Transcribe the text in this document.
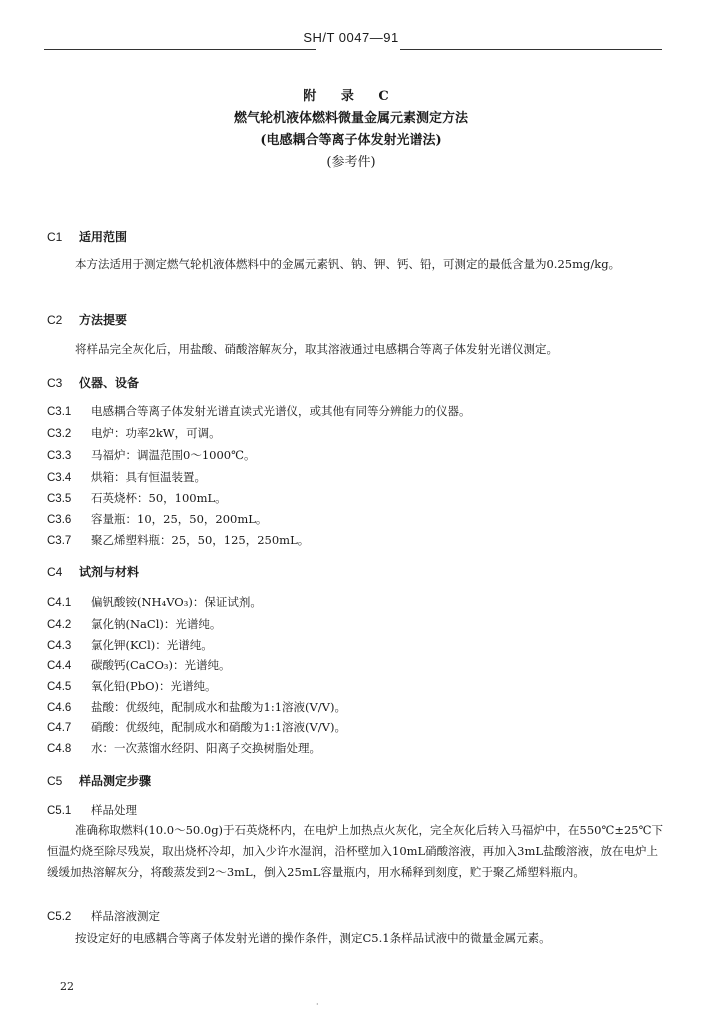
SH/T 0047—91
附 录 C
燃气轮机液体燃料微量金属元素测定方法
(电感耦合等离子体发射光谱法)
(参考件)
C1 适用范围
本方法适用于测定燃气轮机液体燃料中的金属元素钒、钠、钾、钙、铅，可测定的最低含量为0.25mg/kg。
C2 方法提要
将样品完全灰化后，用盐酸、硝酸溶解灰分，取其溶液通过电感耦合等离子体发射光谱仪测定。
C3 仪器、设备
C3.1 电感耦合等离子体发射光谱直读式光谱仪，或其他有同等分辨能力的仪器。
C3.2 电炉：功率2kW，可调。
C3.3 马福炉：调温范围0～1000℃。
C3.4 烘箱：具有恒温装置。
C3.5 石英烧杯：50，100mL。
C3.6 容量瓶：10，25，50，200mL。
C3.7 聚乙烯塑料瓶：25，50，125，250mL。
C4 试剂与材料
C4.1 偏钒酸铵(NH₄VO₃)：保证试剂。
C4.2 氯化钠(NaCl)：光谱纯。
C4.3 氯化钾(KCl)：光谱纯。
C4.4 碳酸钙(CaCO₃)：光谱纯。
C4.5 氧化铅(PbO)：光谱纯。
C4.6 盐酸：优级纯，配制成水和盐酸为1:1溶液(V/V)。
C4.7 硝酸：优级纯，配制成水和硝酸为1:1溶液(V/V)。
C4.8 水：一次蒸馏水经阴、阳离子交换树脂处理。
C5 样品测定步骤
C5.1 样品处理
准确称取燃料(10.0～50.0g)于石英烧杯内，在电炉上加热点火灰化，完全灰化后转入马福炉中，在550℃±25℃下恒温灼烧至除尽残炭，取出烧杯冷却，加入少许水湿润，沿杯壁加入10mL硝酸溶液，再加入3mL盐酸溶液，放在电炉上缓缓加热溶解灰分，将酸蒸发到2～3mL，倒入25mL容量瓶内，用水稀释到刻度，贮于聚乙烯塑料瓶内。
C5.2 样品溶液测定
按设定好的电感耦合等离子体发射光谱的操作条件，测定C5.1条样品试液中的微量金属元素。
22
·
